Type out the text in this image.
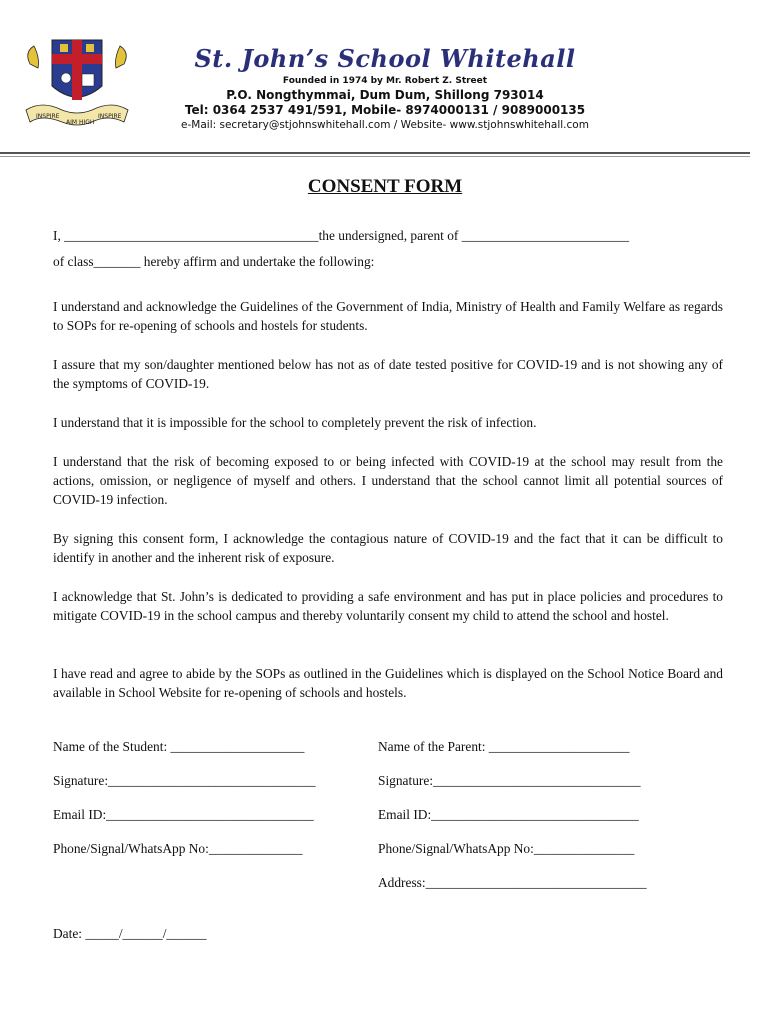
INSPIRE
AIM HIGH
INSPIRE
St. John’s School Whitehall
Founded in 1974 by Mr. Robert Z. Street
P.O. Nongthymmai, Dum Dum, Shillong 793014
Tel: 0364 2537 491/591, Mobile- 8974000131 / 9089000135
e-Mail: secretary@stjohnswhitehall.com / Website- www.stjohnswhitehall.com
CONSENT FORM
I, ______________________________________the undersigned, parent of _________________________
of class_______ hereby affirm and undertake the following:

I understand and acknowledge the Guidelines of the Government of India, Ministry of Health and Family Welfare as regards to SOPs for re-opening of schools and hostels for students.

I assure that my son/daughter mentioned below has not as of date tested positive for COVID-19 and is not showing any of the symptoms of COVID-19.

I understand that it is impossible for the school to completely prevent the risk of infection.

I understand that the risk of becoming exposed to or being infected with COVID-19 at the school may result from the actions, omission, or negligence of myself and others. I understand that the school cannot limit all potential sources of COVID-19 infection.

By signing this consent form, I acknowledge the contagious nature of COVID-19 and the fact that it can be difficult to identify in another and the inherent risk of exposure.

I acknowledge that St. John’s is dedicated to providing a safe environment and has put in place policies and procedures to mitigate COVID-19 in the school campus and thereby voluntarily consent my child to attend the school and hostel.

I have read and agree to abide by the SOPs as outlined in the Guidelines which is displayed on the School Notice Board and available in School Website for re-opening of schools and hostels.

Name of the Student: ____________________	Name of the Parent: _____________________
Signature:_______________________________	Signature:_______________________________
Email ID:_______________________________	Email ID:_______________________________
Phone/Signal/WhatsApp No:______________	Phone/Signal/WhatsApp No:_______________
Address:_________________________________
Date: _____/______/______
